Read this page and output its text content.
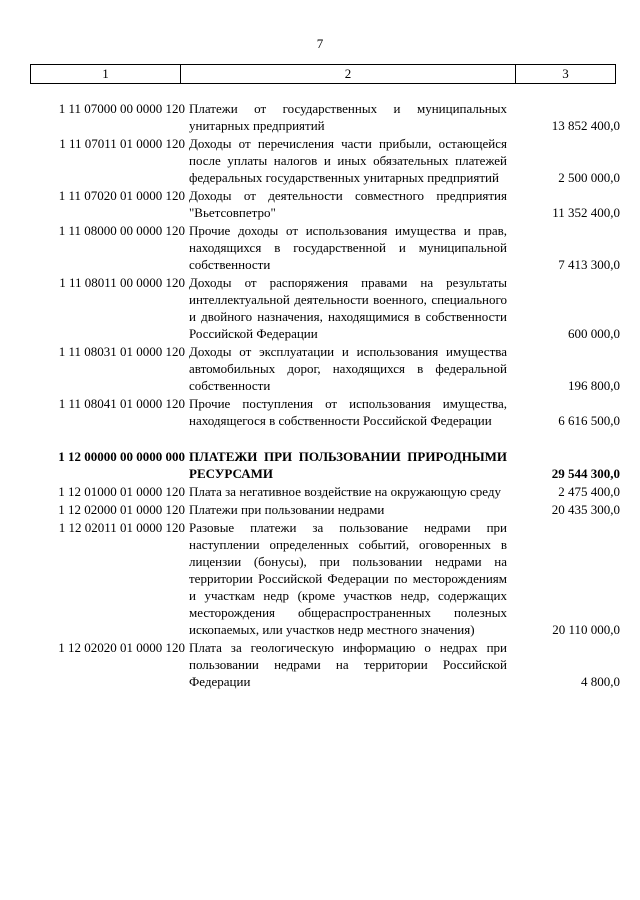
7
1	2	3
1 11 07000 00 0000 120 Платежи от государственных и муниципальных унитарных предприятий	13 852 400,0
1 11 07011 01 0000 120 Доходы от перечисления части прибыли, остающейся после уплаты налогов и иных обязательных платежей федеральных государственных унитарных предприятий	2 500 000,0
1 11 07020 01 0000 120 Доходы от деятельности совместного предприятия "Вьетсовпетро"	11 352 400,0
1 11 08000 00 0000 120 Прочие доходы от использования имущества и прав, находящихся в государственной и муниципальной собственности	7 413 300,0
1 11 08011 00 0000 120 Доходы от распоряжения правами на результаты интеллектуальной деятельности военного, специального и двойного назначения, находящимися в собственности Российской Федерации	600 000,0
1 11 08031 01 0000 120 Доходы от эксплуатации и использования имущества автомобильных дорог, находящихся в федеральной собственности	196 800,0
1 11 08041 01 0000 120 Прочие поступления от использования имущества, находящегося в собственности Российской Федерации	6 616 500,0
1 12 00000 00 0000 000 ПЛАТЕЖИ ПРИ ПОЛЬЗОВАНИИ ПРИРОДНЫМИ РЕСУРСАМИ	29 544 300,0
1 12 01000 01 0000 120 Плата за негативное воздействие на окружающую среду	2 475 400,0
1 12 02000 01 0000 120 Платежи при пользовании недрами	20 435 300,0
1 12 02011 01 0000 120 Разовые платежи за пользование недрами при наступлении определенных событий, оговоренных в лицензии (бонусы), при пользовании недрами на территории Российской Федерации по месторождениям и участкам недр (кроме участков недр, содержащих месторождения общераспространенных полезных ископаемых, или участков недр местного значения)	20 110 000,0
1 12 02020 01 0000 120 Плата за геологическую информацию о недрах при пользовании недрами на территории Российской Федерации	4 800,0
